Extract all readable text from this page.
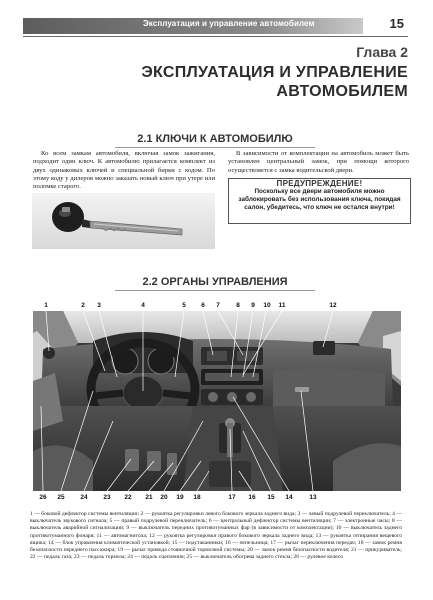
Эксплуатация и управление автомобилем	15
Глава 2
ЭКСПЛУАТАЦИЯ И УПРАВЛЕНИЕ АВТОМОБИЛЕМ
2.1 КЛЮЧИ К АВТОМОБИЛЮ
Ко всем замкам автомобиля, включая замок зажигания, подходит один ключ. К автомобилю прилагается комплект из двух одинаковых ключей и специальной бирки с кодом. По этому коду у дилеров можно заказать новый ключ при утере или поломке старого.
В зависимости от комплектации на автомобиль может быть установлен центральный замок, при помощи которого осуществляется с замка водительской двери.
ПРЕДУПРЕЖДЕНИЕ!
Поскольку все двери автомобиля можно заблокировать без использования ключа, покидая салон, убедитесь, что ключ не остался внутри!
2.2 ОРГАНЫ УПРАВЛЕНИЯ
1	2	3	4	5	6	7	8	9	10	11	12
26	25	24	23	22	21	20	19	18	17	16	15	14	13
1 — боковой дефлектор системы вентиляции; 2 — рукоятка регулировки левого бокового зеркала заднего вида; 3 — левый подрулевой переключатель; 4 — выключатель звукового сигнала; 5 — правый подрулевой переключатель; 6 — центральный дефлектор системы вентиляции; 7 — электронные часы; 8 — выключатель аварийной сигнализации; 9 — выключатель передних противотуманных фар (в зависимости от комплектации); 10 — выключатель заднего противотуманного фонаря; 11 — автомагнитола; 12 — рукоятка регулировки правого бокового зеркала заднего вида; 13 — рукоятка отпирания вещевого ящика; 14 — блок управления климатической установкой; 15 — подстаканники; 16 — пепельница; 17 — рычаг переключения передач; 18 — замок ремня безопасности переднего пассажира; 19 — рычаг привода стояночной тормозной системы; 20 — замок ремня безопасности водителя; 21 — прикуриватель; 22 — педаль газа; 23 — педаль тормоза; 24 — педаль сцепления; 25 — выключатель обогрева заднего стекла; 26 — рулевое колесо
